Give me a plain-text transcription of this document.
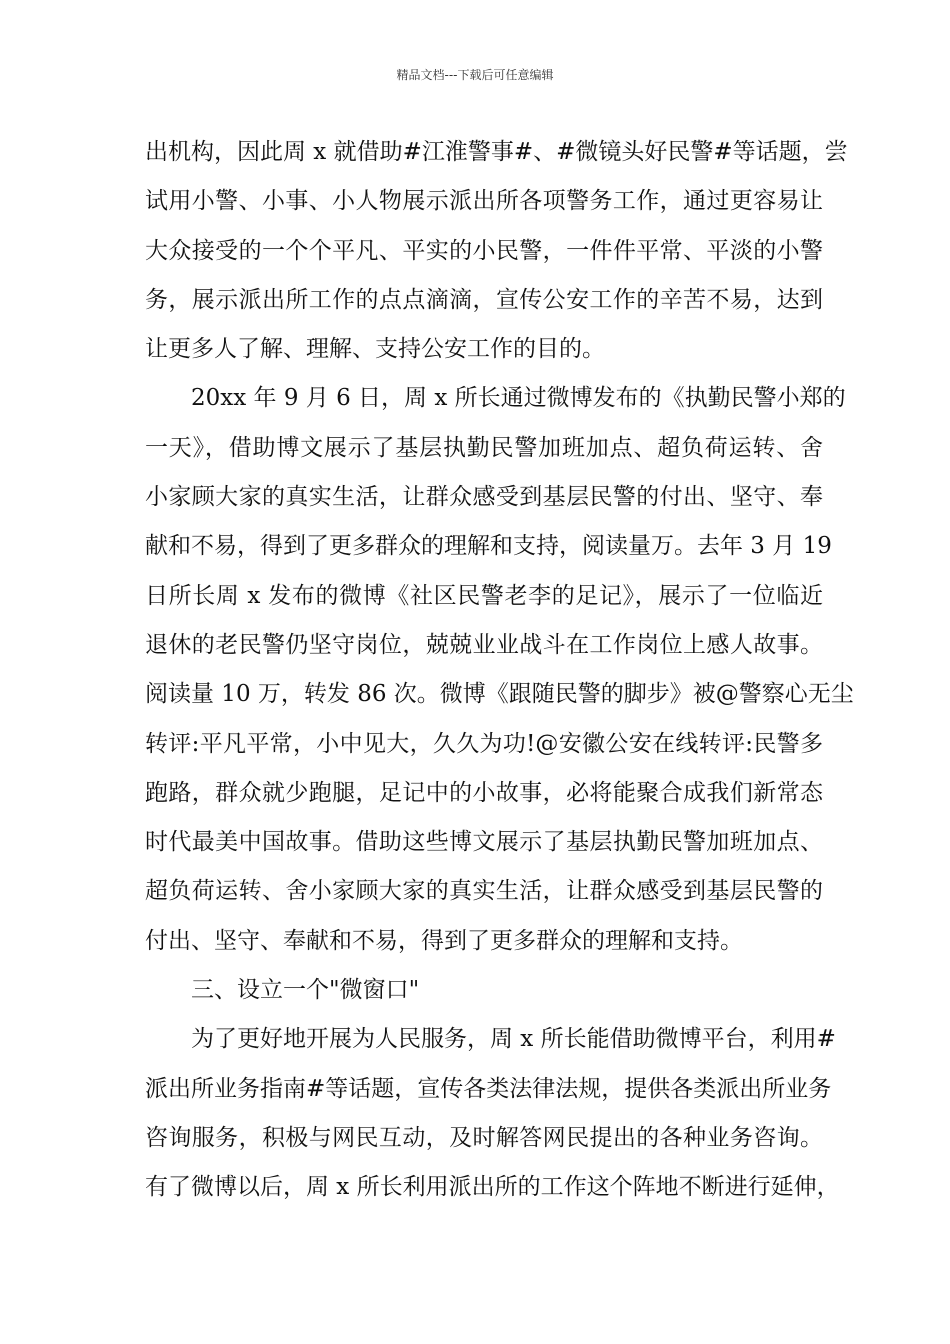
精品文档---下载后可任意编辑
出机构，因此周 x 就借助#江淮警事#、#微镜头好民警#等话题，尝
试用小警、小事、小人物展示派出所各项警务工作，通过更容易让
大众接受的一个个平凡、平实的小民警，一件件平常、平淡的小警
务，展示派出所工作的点点滴滴，宣传公安工作的辛苦不易，达到
让更多人了解、理解、支持公安工作的目的。
20xx 年 9 月 6 日，周 x 所长通过微博发布的《执勤民警小郑的
一天》，借助博文展示了基层执勤民警加班加点、超负荷运转、舍
小家顾大家的真实生活，让群众感受到基层民警的付出、坚守、奉
献和不易，得到了更多群众的理解和支持，阅读量万。去年 3 月 19
日所长周 x 发布的微博《社区民警老李的足记》，展示了一位临近
退休的老民警仍坚守岗位，兢兢业业战斗在工作岗位上感人故事。
阅读量 10 万，转发 86 次。微博《跟随民警的脚步》被@警察心无尘
转评:平凡平常，小中见大，久久为功!@安徽公安在线转评:民警多
跑路，群众就少跑腿，足记中的小故事，必将能聚合成我们新常态
时代最美中国故事。借助这些博文展示了基层执勤民警加班加点、
超负荷运转、舍小家顾大家的真实生活，让群众感受到基层民警的
付出、坚守、奉献和不易，得到了更多群众的理解和支持。
三、设立一个"微窗口"
为了更好地开展为人民服务，周 x 所长能借助微博平台，利用#
派出所业务指南#等话题，宣传各类法律法规，提供各类派出所业务
咨询服务，积极与网民互动，及时解答网民提出的各种业务咨询。
有了微博以后，周 x 所长利用派出所的工作这个阵地不断进行延伸，
